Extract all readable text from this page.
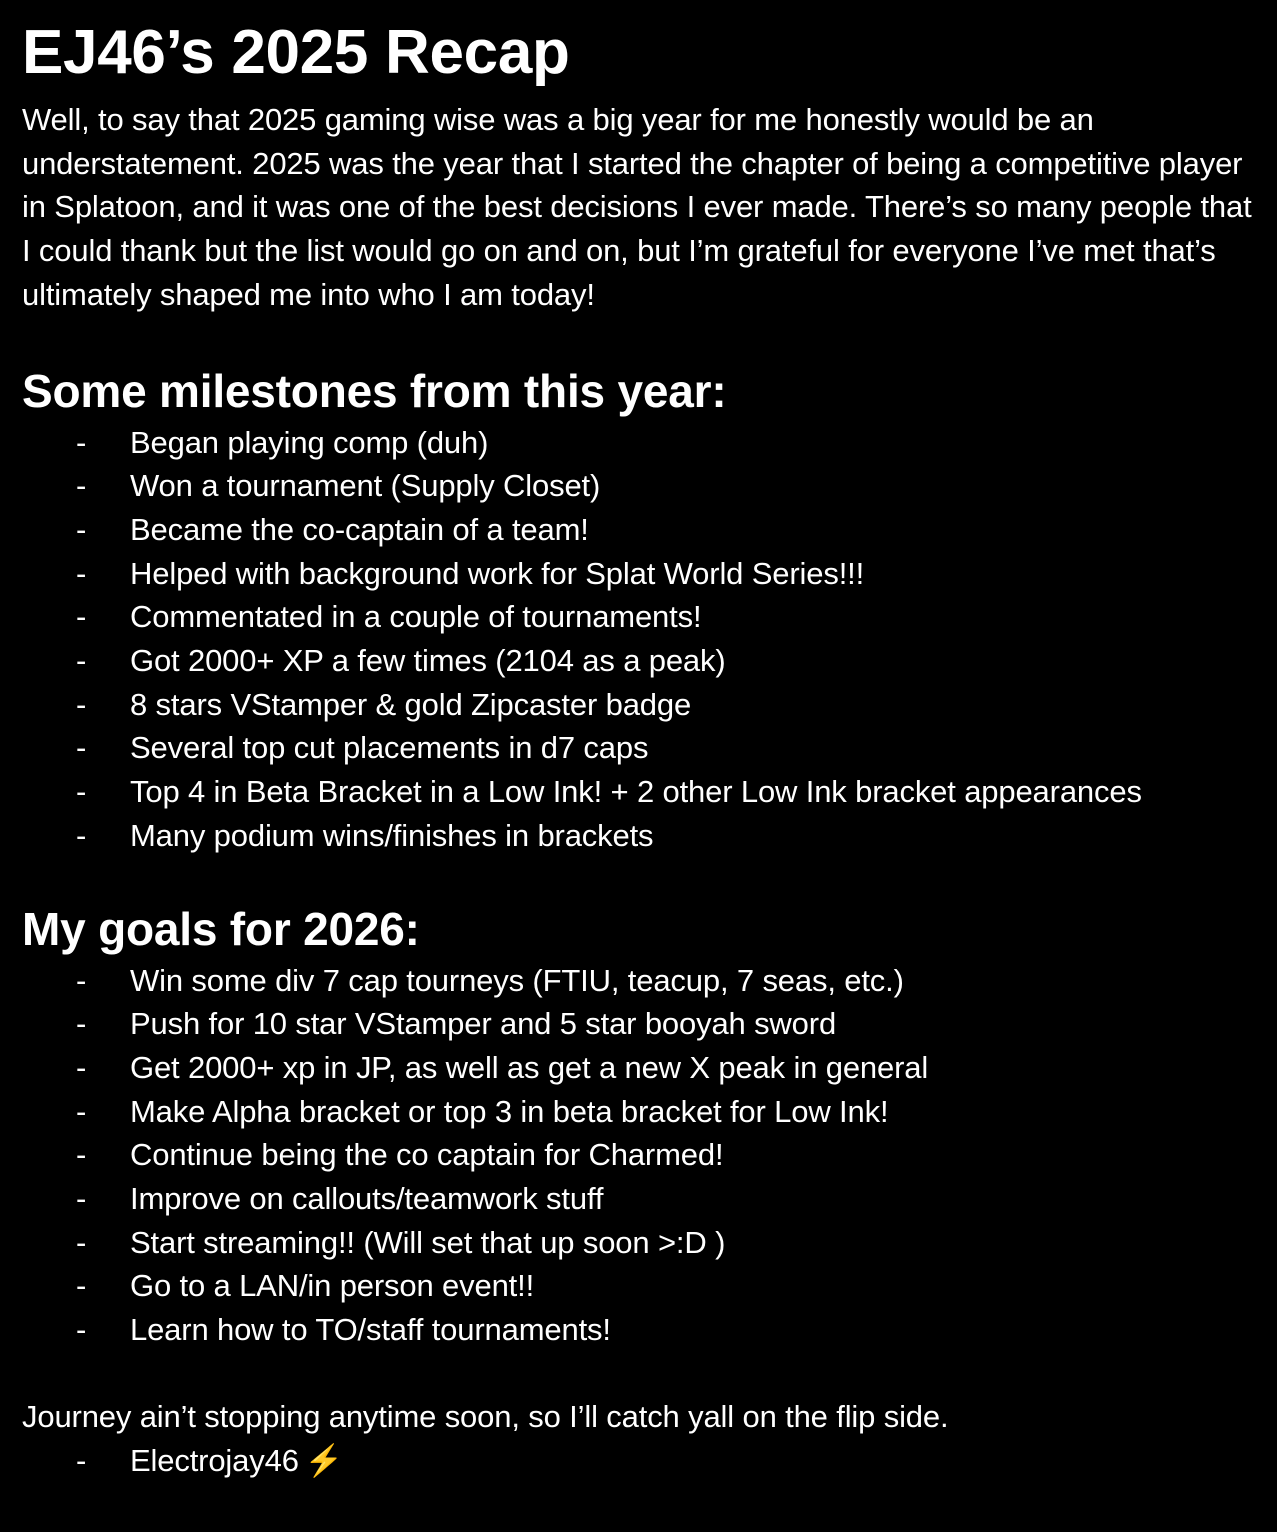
EJ46’s 2025 Recap

Well, to say that 2025 gaming wise was a big year for me honestly would be an understatement. 2025 was the year that I started the chapter of being a competitive player in Splatoon, and it was one of the best decisions I ever made. There’s so many people that I could thank but the list would go on and on, but I’m grateful for everyone I’ve met that’s ultimately shaped me into who I am today!

Some milestones from this year:
- Began playing comp (duh)
- Won a tournament (Supply Closet)
- Became the co-captain of a team!
- Helped with background work for Splat World Series!!!
- Commentated in a couple of tournaments!
- Got 2000+ XP a few times (2104 as a peak)
- 8 stars VStamper & gold Zipcaster badge
- Several top cut placements in d7 caps
- Top 4 in Beta Bracket in a Low Ink! + 2 other Low Ink bracket appearances
- Many podium wins/finishes in brackets
My goals for 2026:
- Win some div 7 cap tourneys (FTIU, teacup, 7 seas, etc.)
- Push for 10 star VStamper and 5 star booyah sword
- Get 2000+ xp in JP, as well as get a new X peak in general
- Make Alpha bracket or top 3 in beta bracket for Low Ink!
- Continue being the co captain for Charmed!
- Improve on callouts/teamwork stuff
- Start streaming!! (Will set that up soon >:D )
- Go to a LAN/in person event!!
- Learn how to TO/staff tournaments!

Journey ain’t stopping anytime soon, so I’ll catch yall on the flip side.

- Electrojay46 ⚡
